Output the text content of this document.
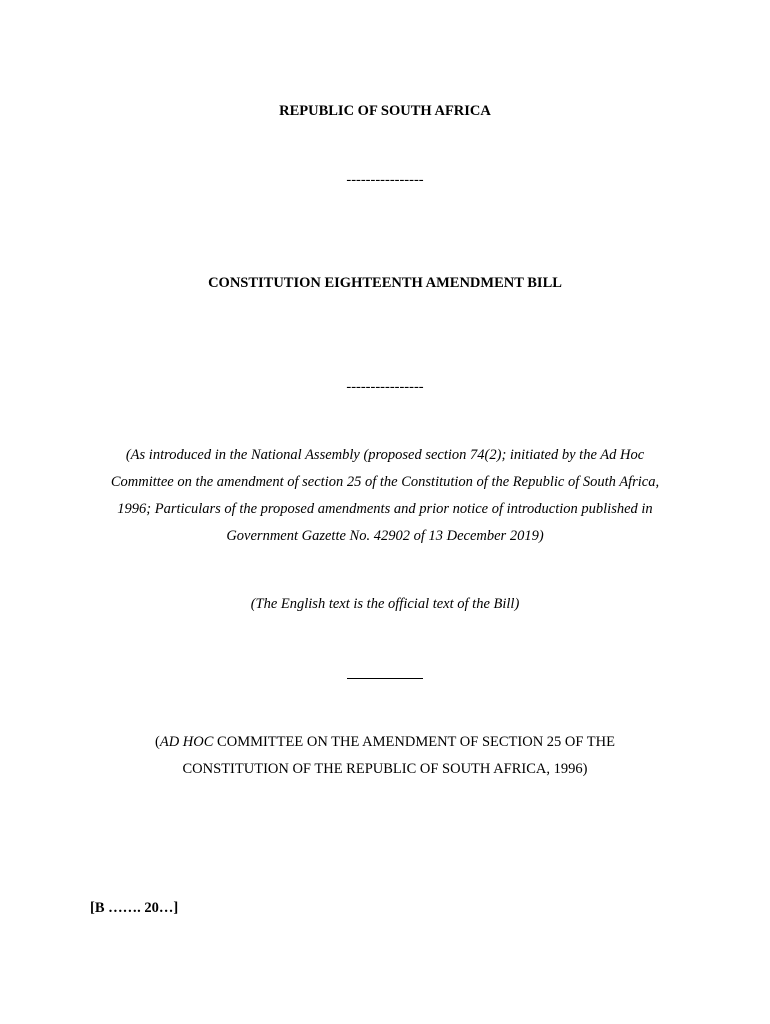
REPUBLIC OF SOUTH AFRICA
----------------
CONSTITUTION EIGHTEENTH AMENDMENT BILL
----------------
(As introduced in the National Assembly (proposed section 74(2); initiated by the Ad Hoc
Committee on the amendment of section 25 of the Constitution of the Republic of South Africa,
1996; Particulars of the proposed amendments and prior notice of introduction published in
Government Gazette No. 42902 of 13 December 2019)
(The English text is the official text of the Bill)
(AD HOC COMMITTEE ON THE AMENDMENT OF SECTION 25 OF THE
CONSTITUTION OF THE REPUBLIC OF SOUTH AFRICA, 1996)
[B ……. 20…]
